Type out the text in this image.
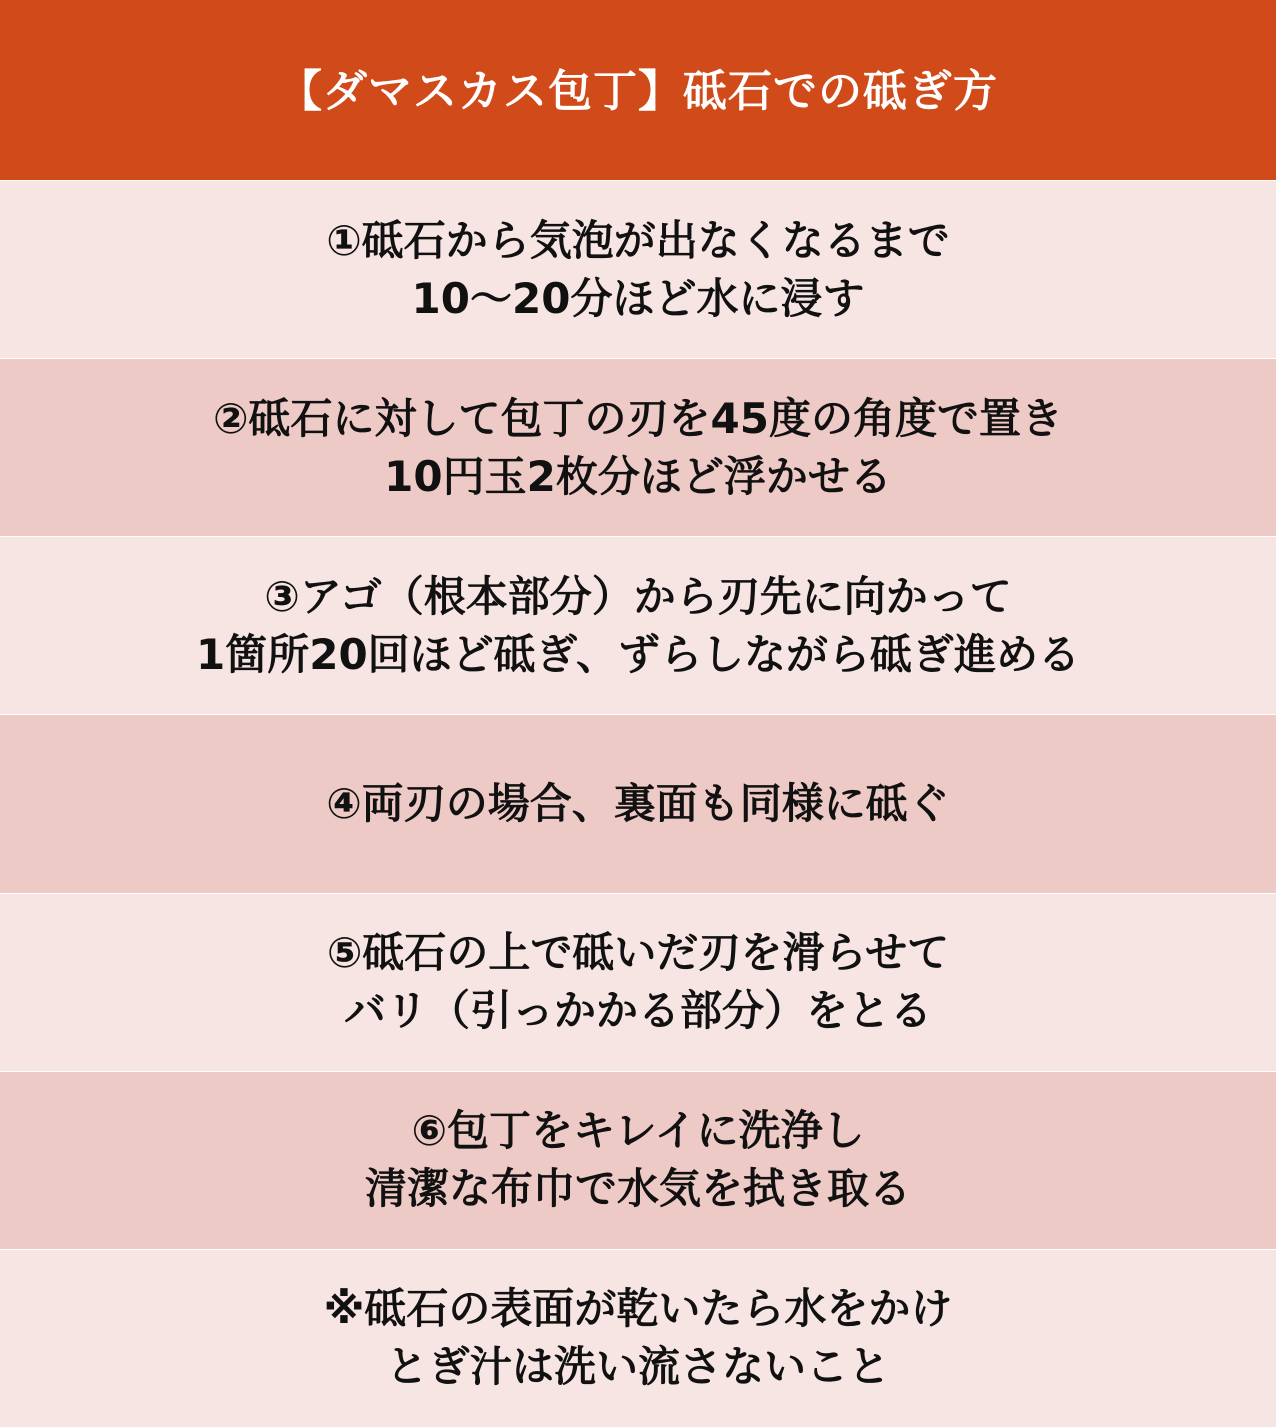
【ダマスカス包丁】砥石での砥ぎ方
①砥石から気泡が出なくなるまで
10〜20分ほど水に浸す
②砥石に対して包丁の刃を45度の角度で置き
10円玉2枚分ほど浮かせる
③アゴ（根本部分）から刃先に向かって
1箇所20回ほど砥ぎ、ずらしながら砥ぎ進める
④両刃の場合、裏面も同様に砥ぐ
⑤砥石の上で砥いだ刃を滑らせて
バリ（引っかかる部分）をとる
⑥包丁をキレイに洗浄し
清潔な布巾で水気を拭き取る
※砥石の表面が乾いたら水をかけ
とぎ汁は洗い流さないこと
